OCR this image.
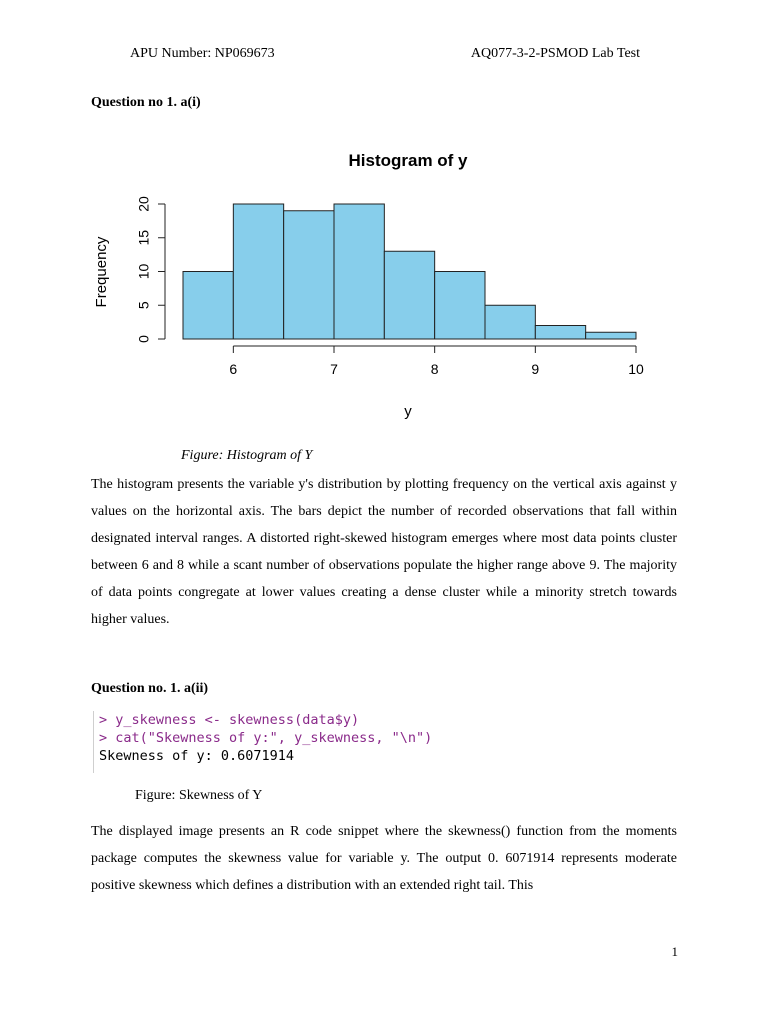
APU Number: NP069673	AQ077-3-2-PSMOD Lab Test
Question no 1. a(i)
Histogram of y
Frequency
y
6	7	8	9	10
0
5
10
15
20
Figure: Histogram of Y

The histogram presents the variable y's distribution by plotting frequency on the vertical axis against y values on the horizontal axis. The bars depict the number of recorded observations that fall within designated interval ranges. A distorted right-skewed histogram emerges where most data points cluster between 6 and 8 while a scant number of observations populate the higher range above 9. The majority of data points congregate at lower values creating a dense cluster while a minority stretch towards higher values.

Question no. 1. a(ii)
> y_skewness <- skewness(data$y)
> cat("Skewness of y:", y_skewness, "\n")
Skewness of y: 0.6071914
Figure: Skewness of Y

The displayed image presents an R code snippet where the skewness() function from the moments package computes the skewness value for variable y. The output 0. 6071914 represents moderate positive skewness which defines a distribution with an extended right tail. This

1
